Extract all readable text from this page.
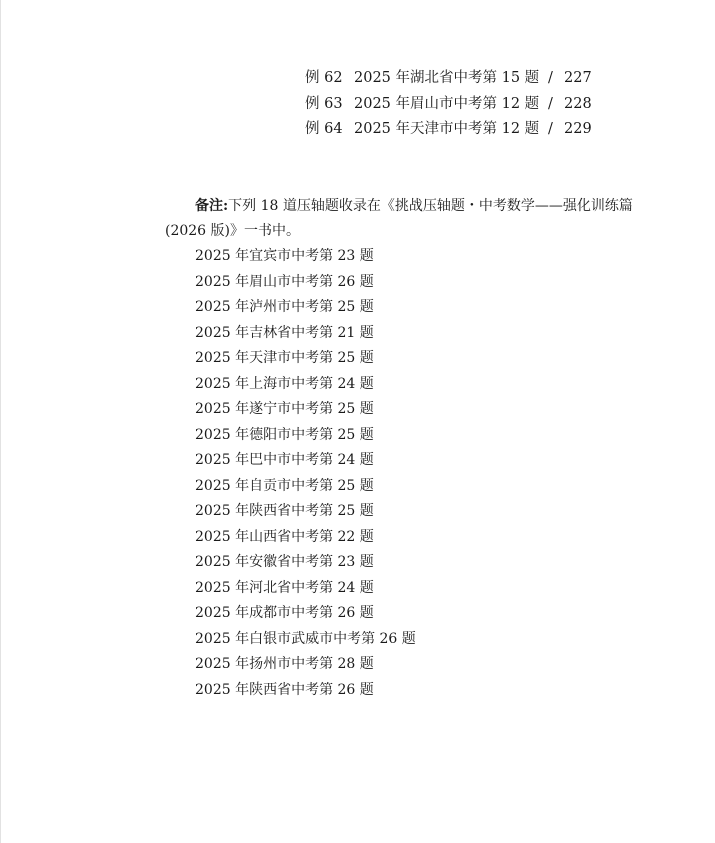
例 62 2025 年湖北省中考第 15 题 / 227
例 63 2025 年眉山市中考第 12 题 / 228
例 64 2025 年天津市中考第 12 题 / 229
备注:下列 18 道压轴题收录在《挑战压轴题・中考数学——强化训练篇
(2026 版)》一书中。
2025 年宜宾市中考第 23 题
2025 年眉山市中考第 26 题
2025 年泸州市中考第 25 题
2025 年吉林省中考第 21 题
2025 年天津市中考第 25 题
2025 年上海市中考第 24 题
2025 年遂宁市中考第 25 题
2025 年德阳市中考第 25 题
2025 年巴中市中考第 24 题
2025 年自贡市中考第 25 题
2025 年陕西省中考第 25 题
2025 年山西省中考第 22 题
2025 年安徽省中考第 23 题
2025 年河北省中考第 24 题
2025 年成都市中考第 26 题
2025 年白银市武威市中考第 26 题
2025 年扬州市中考第 28 题
2025 年陕西省中考第 26 题
